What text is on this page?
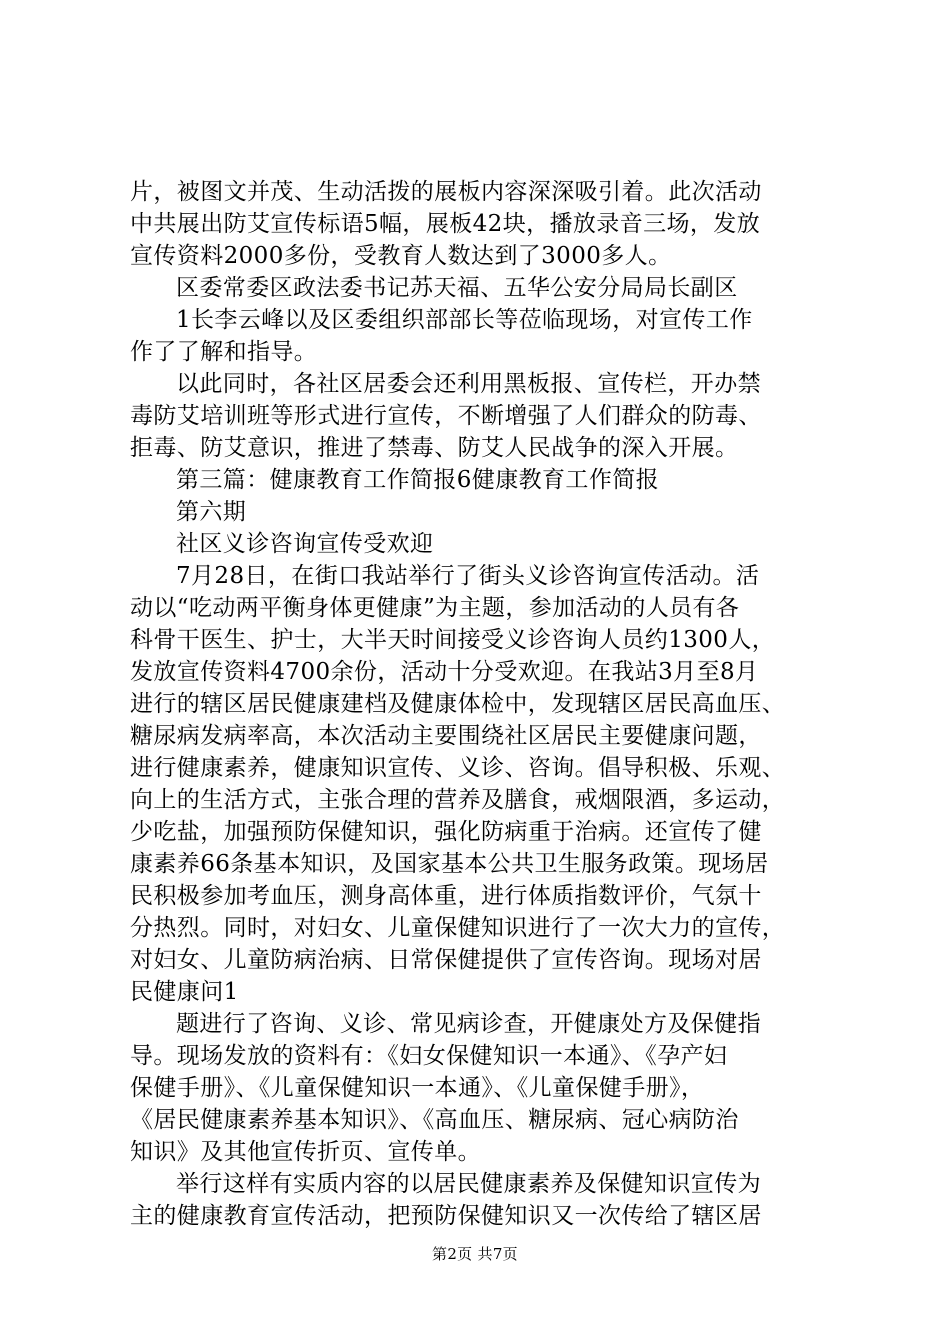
片，被图文并茂、生动活拨的展板内容深深吸引着。此次活动
中共展出防艾宣传标语5幅，展板42块，播放录音三场，发放
宣传资料2000多份，受教育人数达到了3000多人。
区委常委区政法委书记苏天福、五华公安分局局长副区
1长李云峰以及区委组织部部长等莅临现场，对宣传工作
作了了解和指导。
以此同时，各社区居委会还利用黑板报、宣传栏，开办禁
毒防艾培训班等形式进行宣传，不断增强了人们群众的防毒、
拒毒、防艾意识，推进了禁毒、防艾人民战争的深入开展。
第三篇：健康教育工作简报6健康教育工作简报
第六期
社区义诊咨询宣传受欢迎
7月28日，在街口我站举行了街头义诊咨询宣传活动。活
动以“吃动两平衡身体更健康”为主题，参加活动的人员有各
科骨干医生、护士，大半天时间接受义诊咨询人员约1300人，
发放宣传资料4700余份，活动十分受欢迎。在我站3月至8月
进行的辖区居民健康建档及健康体检中，发现辖区居民高血压、
糖尿病发病率高，本次活动主要围绕社区居民主要健康问题，
进行健康素养，健康知识宣传、义诊、咨询。倡导积极、乐观、
向上的生活方式，主张合理的营养及膳食，戒烟限酒，多运动，
少吃盐，加强预防保健知识，强化防病重于治病。还宣传了健
康素养66条基本知识，及国家基本公共卫生服务政策。现场居
民积极参加考血压，测身高体重，进行体质指数评价，气氛十
分热烈。同时，对妇女、儿童保健知识进行了一次大力的宣传，
对妇女、儿童防病治病、日常保健提供了宣传咨询。现场对居
民健康问1
题进行了咨询、义诊、常见病诊查，开健康处方及保健指
导。现场发放的资料有：《妇女保健知识一本通》、《孕产妇
保健手册》、《儿童保健知识一本通》、《儿童保健手册》，
《居民健康素养基本知识》、《高血压、糖尿病、冠心病防治
知识》及其他宣传折页、宣传单。
举行这样有实质内容的以居民健康素养及保健知识宣传为
主的健康教育宣传活动，把预防保健知识又一次传给了辖区居
第2页 共7页
